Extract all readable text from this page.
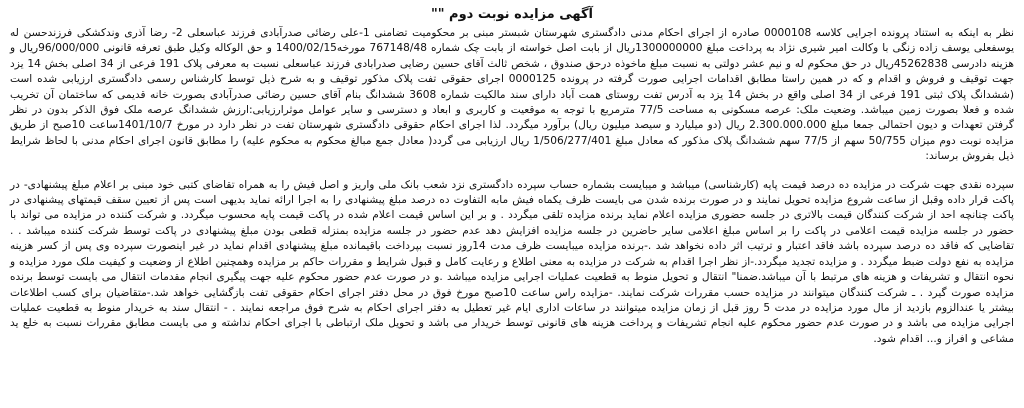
آگهی مزایده نوبت دوم ""

نظر به اینکه به استناد پرونده اجرایی کلاسه 0000108 صادره از اجرای احکام مدنی دادگستری شهرستان شبستر مبنی بر محکومیت تضامنی 1-علی رضائی صدرآبادی فرزند عباسعلی 2- رضا آذری وندکشکی فرزندحسن له یوسفعلی یوسف زاده زنگی با وکالت امیر شیری نژاد به پرداخت مبلغ 1300000000ریال از بابت اصل خواسته از بابت چک شماره 767148/48 مورخه1400/02/15 و حق الوکاله وکیل طبق تعرفه قانونی 96/000/000ریال و هزینه دادرسی 45262838ریال در حق محکوم له و نیم عشر دولتی به نسبت مبلغ ماخوذه درحق صندوق ، شخص ثالث آقای حسین رضایی صدرابادی فرزند عباسعلی نسبت به معرفی پلاک 191 فرعی از 34 اصلی بخش 14 یزد جهت توقیف و فروش و اقدام و که در همین راستا مطابق اقدامات اجرایی صورت گرفته در پرونده 0000125 اجرای حقوقی تفت پلاک مذکور توقیف و به شرح ذیل توسط کارشناس رسمی دادگستری ارزیابی شده است (ششدانگ پلاک ثبتی 191 فرعی از 34 اصلی واقع در بخش 14 یزد به آدرس تفت روستای همت آباد دارای سند مالکیت شماره 3608 ششدانگ بنام آقای حسین رضائی صدرآبادی بصورت خانه قدیمی که ساختمان آن تخریب شده و فعلا بصورت زمین میباشد. وضعیت ملک: عرصه مسکونی به مساحت 77/5 مترمربع با توجه به موقعیت و کاربری و ابعاد و دسترسی و سایر عوامل موثرارزیابی:ارزش ششدانگ عرصه ملک فوق الذکر بدون در نظر گرفتن تعهدات و دیون احتمالی جمعا مبلغ 2.300.000.000 ریال (دو میلیارد و سیصد میلیون ریال) برآورد میگردد. لذا اجرای احکام حقوقی دادگستری شهرستان تفت در نظر دارد در مورخ 1401/10/7ساعت 10صبح از طریق مزایده نوبت دوم میزان 50/755 سهم از 77/5 سهم ششدانگ پلاک مذکور که معادل مبلغ 1/506/277/401 ریال ارزیابی می گردد( معادل جمع مبالغ محکوم به محکوم علیه) را مطابق قانون اجرای احکام مدنی با لحاظ شرایط ذیل بفروش برساند:

سپرده نقدی جهت شرکت در مزایده ده درصد قیمت پایه (کارشناسی) میباشد و میبایست بشماره حساب سپرده دادگستری نزد شعب بانک ملی واریز و اصل فیش را به همراه تقاضای کتبی خود مبنی بر اعلام مبلغ پیشنهادی- در پاکت قرار داده وقبل از ساعت شروع مزایده تحویل نمایند و در صورت برنده شدن می بایست ظرف یکماه فیش مابه التفاوت ده درصد مبلغ پیشنهادی را به اجرا ارائه نماید بدیهی است پس از تعیین سقف قیمتهای پیشنهادی در پاکت چنانچه احد از شرکت کنندگان قیمت بالاتری در جلسه حضوری مزایده اعلام نماید برنده مزایده تلقی میگردد . و بر این اساس قیمت اعلام شده در پاکت قیمت پایه محسوب میگردد. و شرکت کننده در مزایده می تواند با حضور در جلسه مزایده قیمت اعلامی در پاکت را بر اساس مبلغ اعلامی سایر حاضرین در جلسه مزایده افزایش دهد عدم حضور در جلسه مزایده بمنزله قطعی بودن مبلغ پیشنهادی در پاکت توسط شرکت کننده میباشد . . تقاضایی که فاقد ده درصد سپرده باشد فاقد اعتبار و ترتیب اثر داده نخواهد شد .-برنده مزایده میبایست ظرف مدت 14روز نسبت بپرداخت باقیمانده مبلغ پیشنهادی اقدام نماید در غیر اینصورت سپرده وی پس از کسر هزینه مزایده به نفع دولت ضبط میگردد . و مزایده تجدید میگردد.-از نظر اجرا اقدام به شرکت در مزایده به معنی اطلاع و رعایت کامل و قبول شرایط و مقررات حاکم بر مزایده وهمچنین اطلاع از وضعیت و کیفیت ملک مورد مزایده و نحوه انتقال و تشریفات و هزینه های مرتبط با آن میباشد.ضمنا" انتقال و تحویل منوط به قطعیت عملیات اجرایی مزایده میباشد .و در صورت عدم حضور محکوم علیه جهت پیگیری انجام مقدمات انتقال می بایست توسط برنده مزایده صورت گیرد . ـ شرکت کنندگان میتوانند در مزایده حسب مقررات شرکت نمایند. -مزایده راس ساعت 10صبح مورخ فوق در محل دفتر اجرای احکام حقوقی تفت بازگشایی خواهد شد.-متقاضیان برای کسب اطلاعات بیشتر یا عندالزوم بازدید از مال مورد مزایده در مدت 5 روز قبل از زمان مزایده میتوانند در ساعات اداری ایام غیر تعطیل به دفتر اجرای احکام به شرح فوق مراجعه نمایند . - انتقال سند به خریدار منوط به قطعیت عملیات اجرایی مزایده می باشد و در صورت عدم حضور محکوم علیه انجام تشریفات و پرداخت هزینه های قانونی توسط خریدار می باشد و تحویل ملک ارتباطی با اجرای احکام نداشته و می بایست مطابق مقررات نسبت به خلع ید مشاعی و افراز و... اقدام شود.
